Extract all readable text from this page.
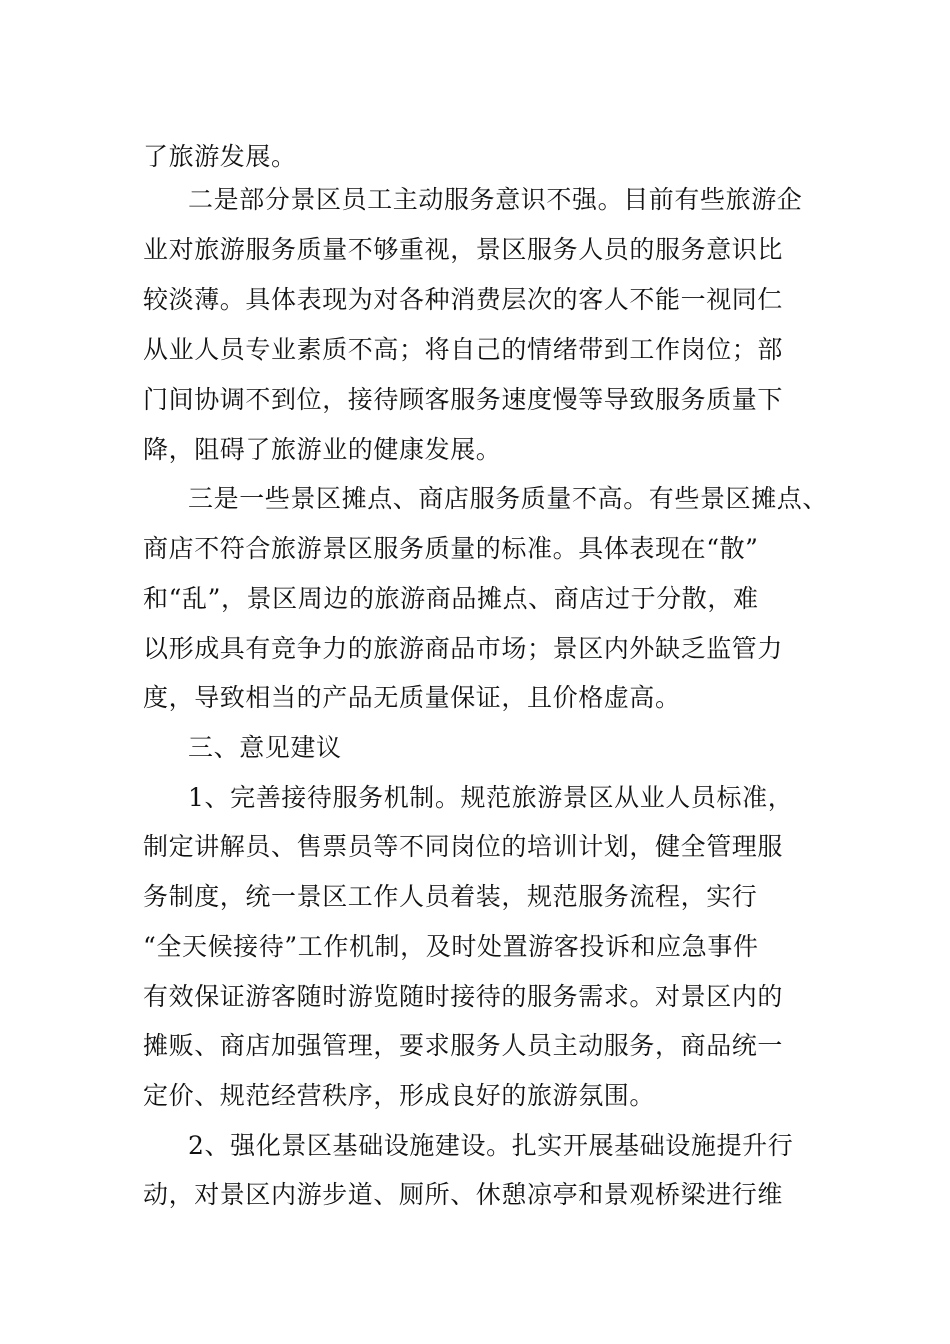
了旅游发展。

二是部分景区员工主动服务意识不强。目前有些旅游企

业对旅游服务质量不够重视，景区服务人员的服务意识比

较淡薄。具体表现为对各种消费层次的客人不能一视同仁

从业人员专业素质不高；将自己的情绪带到工作岗位；部

门间协调不到位，接待顾客服务速度慢等导致服务质量下

降，阻碍了旅游业的健康发展。

三是一些景区摊点、商店服务质量不高。有些景区摊点、

商店不符合旅游景区服务质量的标准。具体表现在“散”

和“乱”，景区周边的旅游商品摊点、商店过于分散，难

以形成具有竞争力的旅游商品市场；景区内外缺乏监管力

度，导致相当的产品无质量保证，且价格虚高。

三、意见建议

1、完善接待服务机制。规范旅游景区从业人员标准，

制定讲解员、售票员等不同岗位的培训计划，健全管理服

务制度，统一景区工作人员着装，规范服务流程，实行

“全天候接待”工作机制，及时处置游客投诉和应急事件

有效保证游客随时游览随时接待的服务需求。对景区内的

摊贩、商店加强管理，要求服务人员主动服务，商品统一

定价、规范经营秩序，形成良好的旅游氛围。

2、强化景区基础设施建设。扎实开展基础设施提升行

动，对景区内游步道、厕所、休憩凉亭和景观桥梁进行维
